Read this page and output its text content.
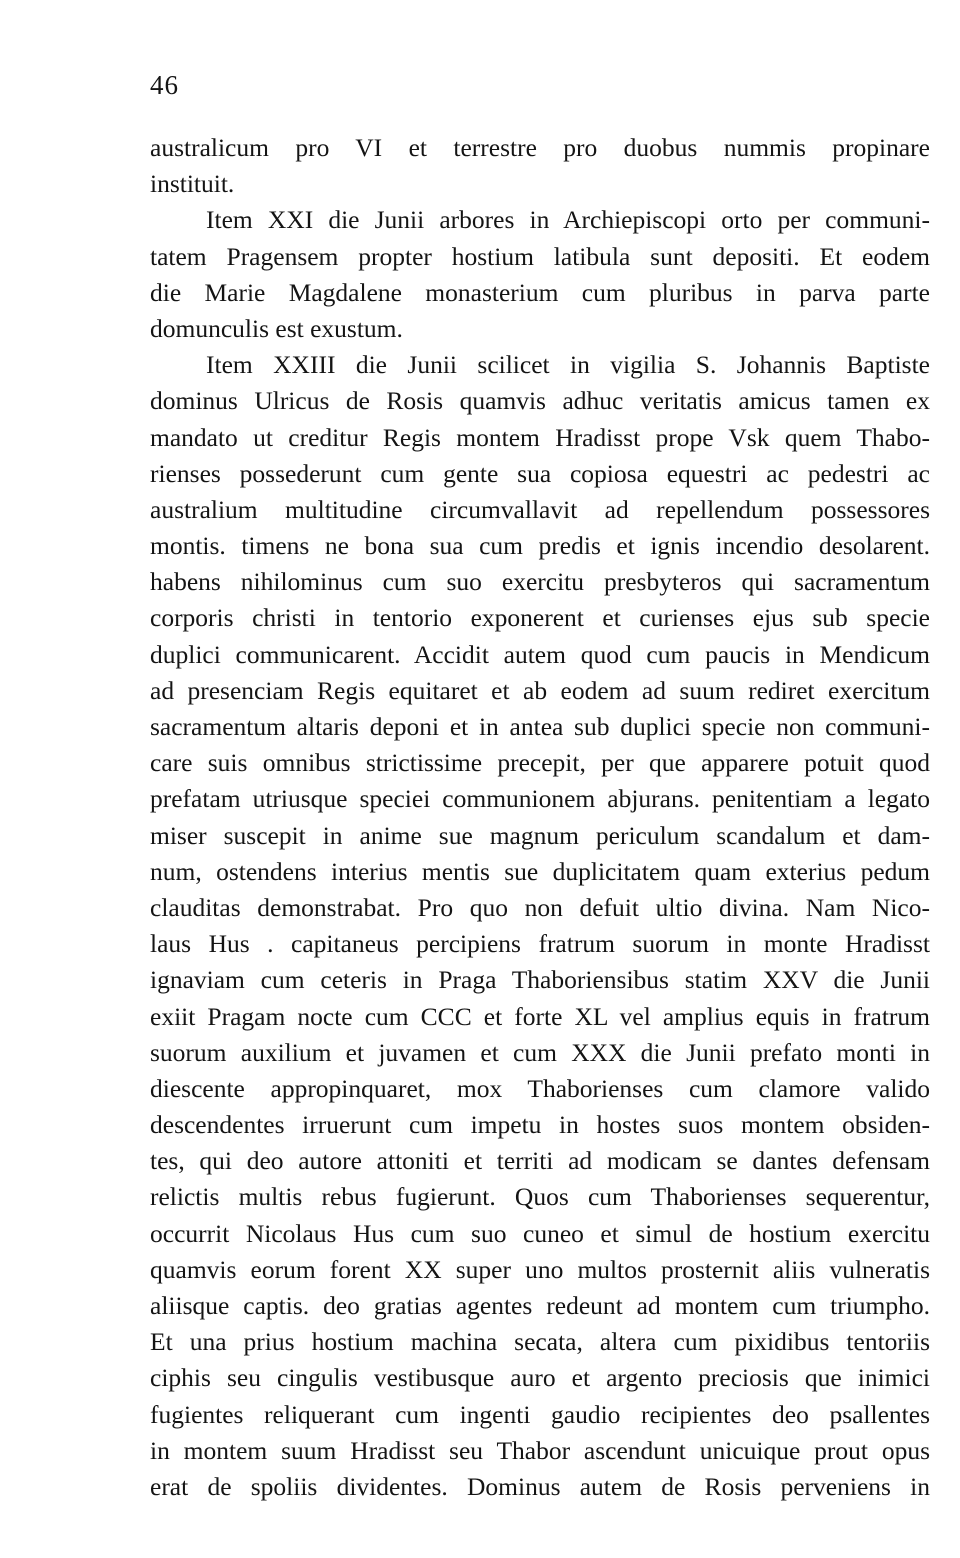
46
australicum pro VI et terrestre pro duobus nummis propinare
instituit.
Item XXI die Junii arbores in Archiepiscopi orto per communi-
tatem Pragensem propter hostium latibula sunt depositi. Et eodem
die Marie Magdalene monasterium cum pluribus in parva parte
domunculis est exustum.
Item XXIII die Junii scilicet in vigilia S. Johannis Baptiste
dominus Ulricus de Rosis quamvis adhuc veritatis amicus tamen ex
mandato ut creditur Regis montem Hradisst prope Vsk quem Thabo-
rienses possederunt cum gente sua copiosa equestri ac pedestri ac
australium multitudine circumvallavit ad repellendum possessores
montis. timens ne bona sua cum predis et ignis incendio desolarent.
habens nihilominus cum suo exercitu presbyteros qui sacramentum
corporis christi in tentorio exponerent et curienses ejus sub specie
duplici communicarent. Accidit autem quod cum paucis in Mendicum
ad presenciam Regis equitaret et ab eodem ad suum rediret exercitum
sacramentum altaris deponi et in antea sub duplici specie non communi-
care suis omnibus strictissime precepit, per que apparere potuit quod
prefatam utriusque speciei communionem abjurans. penitentiam a legato
miser suscepit in anime sue magnum periculum scandalum et dam-
num, ostendens interius mentis sue duplicitatem quam exterius pedum
clauditas demonstrabat. Pro quo non defuit ultio divina. Nam Nico-
laus Hus . capitaneus percipiens fratrum suorum in monte Hradisst
ignaviam cum ceteris in Praga Thaboriensibus statim XXV die Junii
exiit Pragam nocte cum CCC et forte XL vel amplius equis in fratrum
suorum auxilium et juvamen et cum XXX die Junii prefato monti in
diescente appropinquaret, mox Thaborienses cum clamore valido
descendentes irruerunt cum impetu in hostes suos montem obsiden-
tes, qui deo autore attoniti et territi ad modicam se dantes defensam
relictis multis rebus fugierunt. Quos cum Thaborienses sequerentur,
occurrit Nicolaus Hus cum suo cuneo et simul de hostium exercitu
quamvis eorum forent XX super uno multos prosternit aliis vulneratis
aliisque captis. deo gratias agentes redeunt ad montem cum triumpho.
Et una prius hostium machina secata, altera cum pixidibus tentoriis
ciphis seu cingulis vestibusque auro et argento preciosis que inimici
fugientes reliquerant cum ingenti gaudio recipientes deo psallentes
in montem suum Hradisst seu Thabor ascendunt unicuique prout opus
erat de spoliis dividentes. Dominus autem de Rosis perveniens in
